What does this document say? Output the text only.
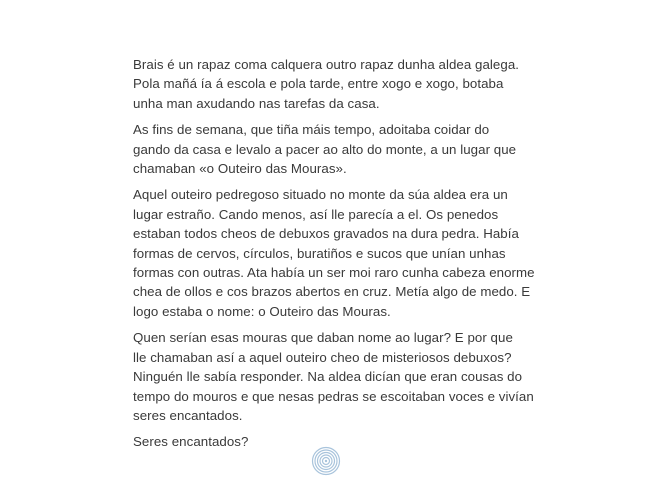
Brais é un rapaz coma calquera outro rapaz dunha aldea galega.
Pola mañá ía á escola e pola tarde, entre xogo e xogo, botaba
unha man axudando nas tarefas da casa.

As fins de semana, que tiña máis tempo, adoitaba coidar do
gando da casa e levalo a pacer ao alto do monte, a un lugar que
chamaban «o Outeiro das Mouras».

Aquel outeiro pedregoso situado no monte da súa aldea era un
lugar estraño. Cando menos, así lle parecía a el. Os penedos
estaban todos cheos de debuxos gravados na dura pedra. Había
formas de cervos, círculos, buratiños e sucos que unían unhas
formas con outras. Ata había un ser moi raro cunha cabeza enorme
chea de ollos e cos brazos abertos en cruz. Metía algo de medo. E
logo estaba o nome: o Outeiro das Mouras.

Quen serían esas mouras que daban nome ao lugar? E por que
lle chamaban así a aquel outeiro cheo de misteriosos debuxos?
Ninguén lle sabía responder. Na aldea dicían que eran cousas do
tempo do mouros e que nesas pedras se escoitaban voces e vivían
seres encantados.

Seres encantados?
